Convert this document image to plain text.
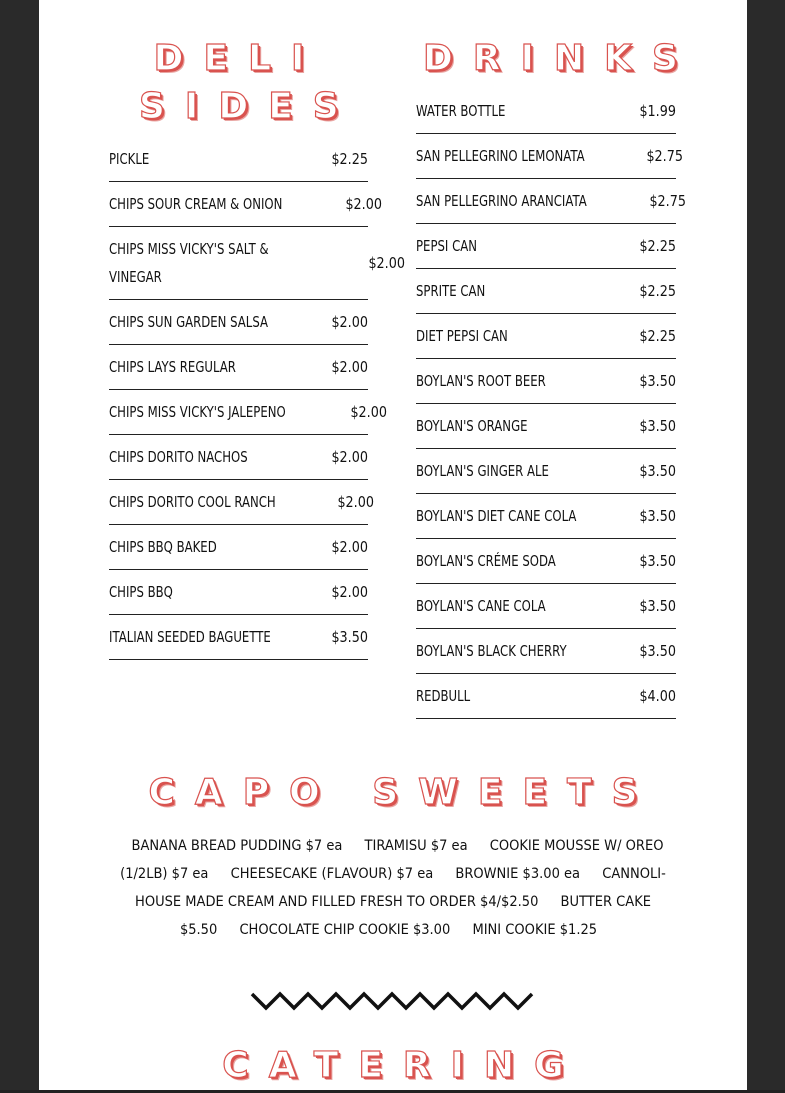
DELI
SIDES
DRINKS
PICKLE	$2.25
CHIPS SOUR CREAM & ONION	$2.00
CHIPS MISS VICKY'S SALT & VINEGAR
$2.00
CHIPS SUN GARDEN SALSA	$2.00
CHIPS LAYS REGULAR	$2.00
CHIPS MISS VICKY'S JALEPENO	$2.00
CHIPS DORITO NACHOS	$2.00
CHIPS DORITO COOL RANCH	$2.00
CHIPS BBQ BAKED	$2.00
CHIPS BBQ	$2.00
ITALIAN SEEDED BAGUETTE	$3.50
WATER BOTTLE	$1.99
SAN PELLEGRINO LEMONATA	$2.75
SAN PELLEGRINO ARANCIATA	$2.75
PEPSI CAN	$2.25
SPRITE CAN	$2.25
DIET PEPSI CAN	$2.25
BOYLAN'S ROOT BEER	$3.50
BOYLAN'S ORANGE	$3.50
BOYLAN'S GINGER ALE	$3.50
BOYLAN'S DIET CANE COLA	$3.50
BOYLAN'S CRÉME SODA	$3.50
BOYLAN'S CANE COLA	$3.50
BOYLAN'S BLACK CHERRY	$3.50
REDBULL	$4.00
CAPO SWEETS
BANANA BREAD PUDDING $7 ea TIRAMISU $7 ea COOKIE MOUSSE W/ OREO (1/2LB) $7 ea CHEESECAKE (FLAVOUR) $7 ea BROWNIE $3.00 ea CANNOLI- HOUSE MADE CREAM AND FILLED FRESH TO ORDER $4/$2.50 BUTTER CAKE $5.50 CHOCOLATE CHIP COOKIE $3.00 MINI COOKIE $1.25
CATERING
